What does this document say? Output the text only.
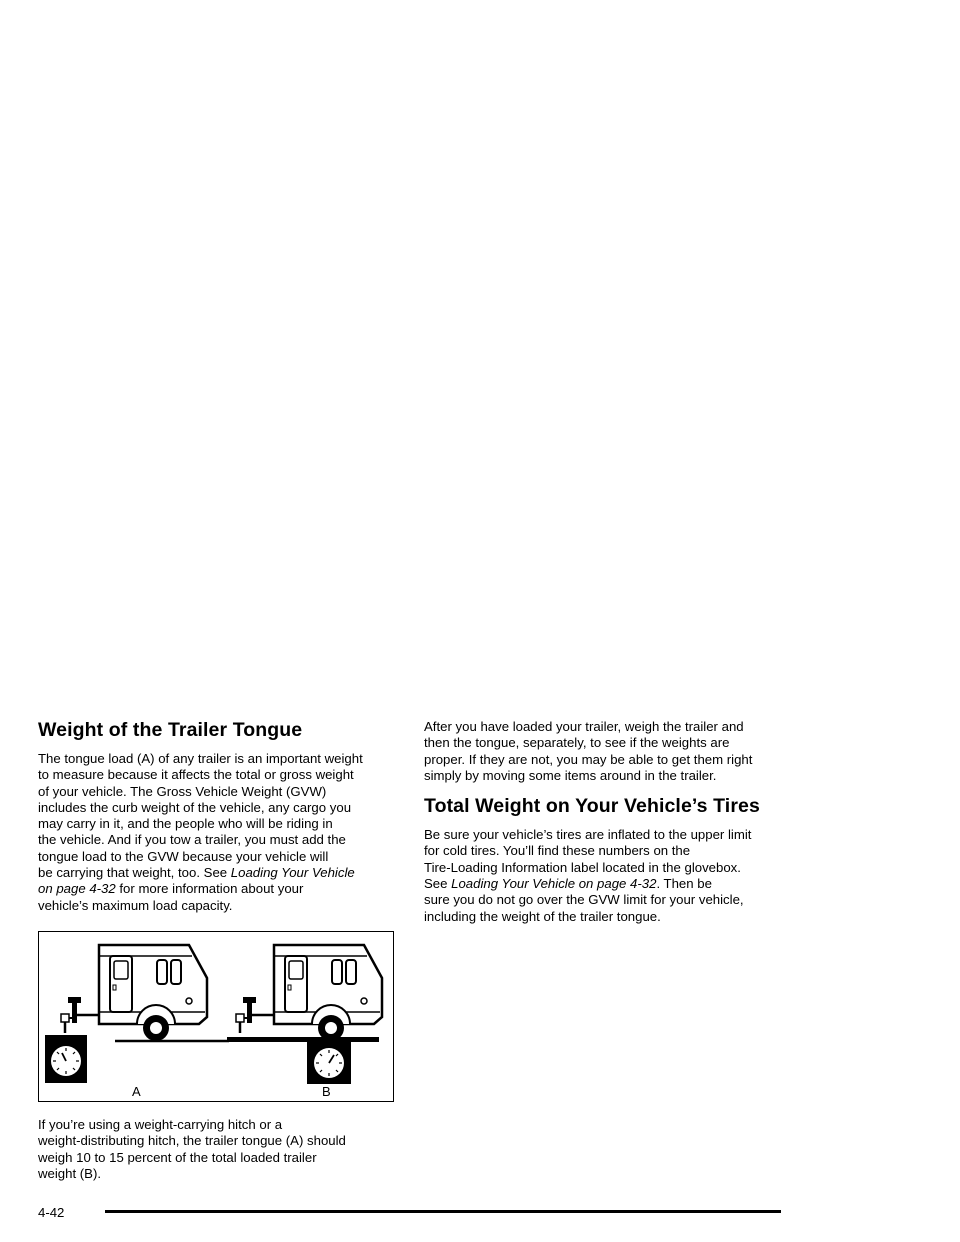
Weight of the Trailer Tongue

The tongue load (A) of any trailer is an important weight
to measure because it affects the total or gross weight
of your vehicle. The Gross Vehicle Weight (GVW)
includes the curb weight of the vehicle, any cargo you
may carry in it, and the people who will be riding in
the vehicle. And if you tow a trailer, you must add the
tongue load to the GVW because your vehicle will
be carrying that weight, too. See Loading Your Vehicle
on page 4-32 for more information about your
vehicle’s maximum load capacity.

A	B

If you’re using a weight-carrying hitch or a
weight-distributing hitch, the trailer tongue (A) should
weigh 10 to 15 percent of the total loaded trailer
weight (B).

After you have loaded your trailer, weigh the trailer and
then the tongue, separately, to see if the weights are
proper. If they are not, you may be able to get them right
simply by moving some items around in the trailer.

Total Weight on Your Vehicle’s Tires

Be sure your vehicle’s tires are inflated to the upper limit
for cold tires. You’ll find these numbers on the
Tire-Loading Information label located in the glovebox.
See Loading Your Vehicle on page 4-32. Then be
sure you do not go over the GVW limit for your vehicle,
including the weight of the trailer tongue.

4-42
